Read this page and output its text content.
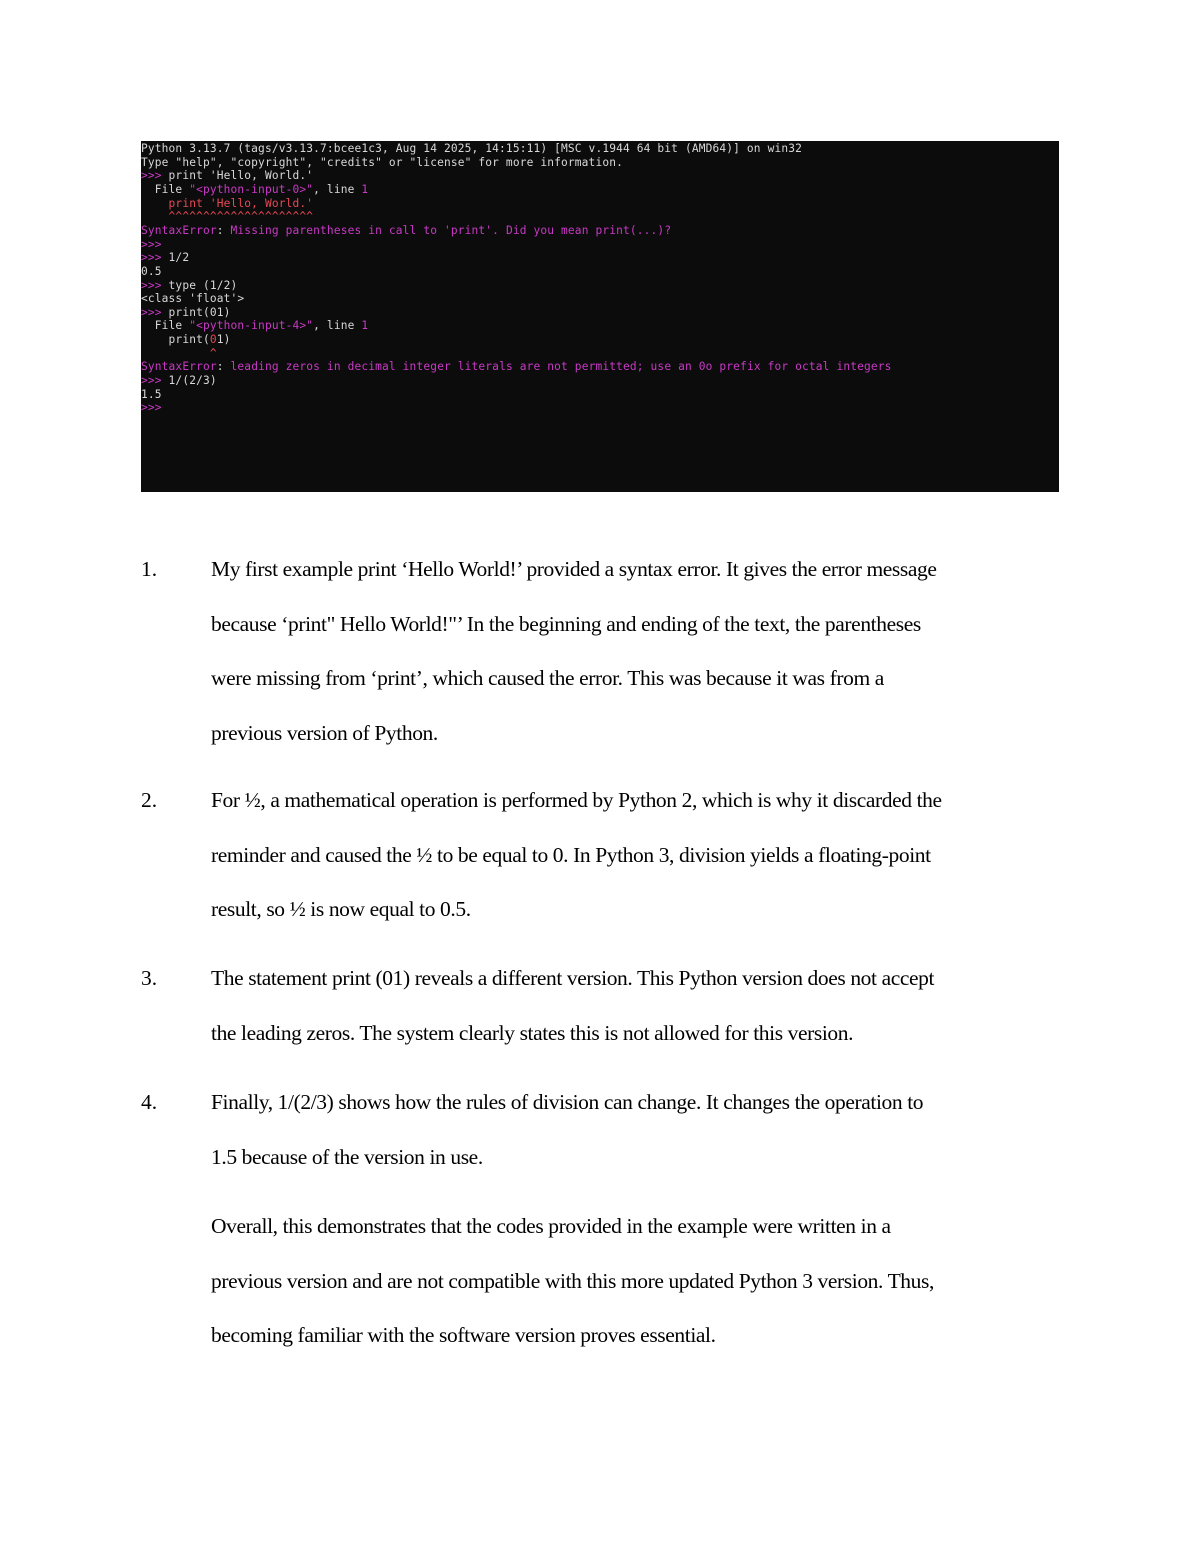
Python 3.13.7 (tags/v3.13.7:bcee1c3, Aug 14 2025, 14:15:11) [MSC v.1944 64 bit (AMD64)] on win32
Type "help", "copyright", "credits" or "license" for more information.
>>> print 'Hello, World.'
File "<python-input-0>", line 1
print 'Hello, World.'
^^^^^^^^^^^^^^^^^^^^^
SyntaxError: Missing parentheses in call to 'print'. Did you mean print(...)?
>>>
>>> 1/2
0.5
>>> type (1/2)
<class 'float'>
>>> print(01)
File "<python-input-4>", line 1
print(01)
^
SyntaxError: leading zeros in decimal integer literals are not permitted; use an 0o prefix for octal integers
>>> 1/(2/3)
1.5
>>>
1.	My first example print ‘Hello World!’ provided a syntax error. It gives the error message
because ‘print" Hello World!"’ In the beginning and ending of the text, the parentheses
were missing from ‘print’, which caused the error. This was because it was from a
previous version of Python.
2.	For ½, a mathematical operation is performed by Python 2, which is why it discarded the
reminder and caused the ½ to be equal to 0. In Python 3, division yields a floating-point
result, so ½ is now equal to 0.5.
3.	The statement print (01) reveals a different version. This Python version does not accept
the leading zeros. The system clearly states this is not allowed for this version.
4.	Finally, 1/(2/3) shows how the rules of division can change. It changes the operation to
1.5 because of the version in use.
Overall, this demonstrates that the codes provided in the example were written in a
previous version and are not compatible with this more updated Python 3 version. Thus,
becoming familiar with the software version proves essential.
